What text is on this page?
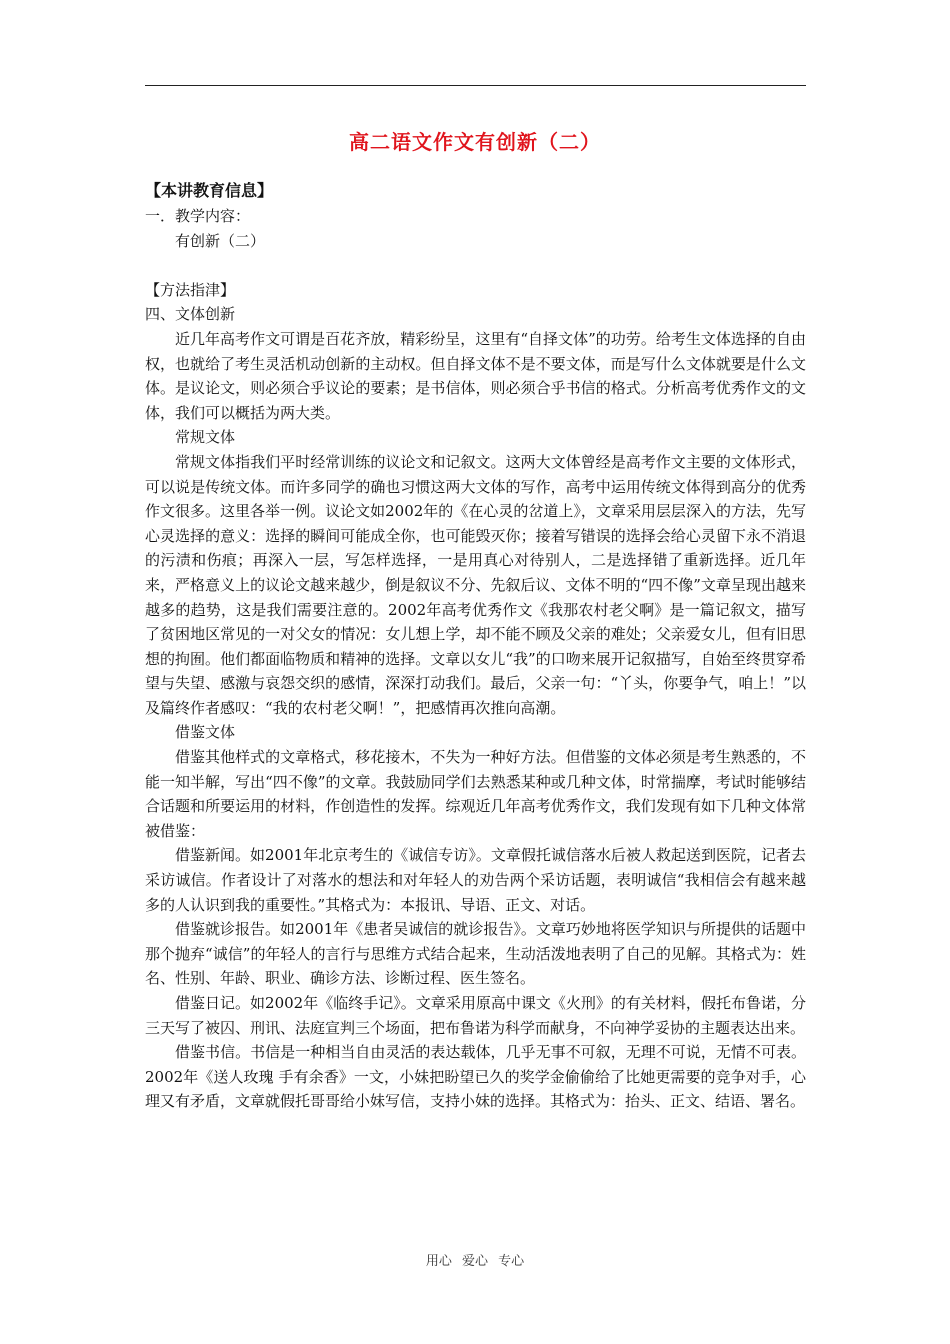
高二语文作文有创新（二）

【本讲教育信息】

一．教学内容：

有创新（二）

【方法指津】

四、文体创新

近几年高考作文可谓是百花齐放，精彩纷呈，这里有“自择文体”的功劳。给考生文体选择的自由权，也就给了考生灵活机动创新的主动权。但自择文体不是不要文体，而是写什么文体就要是什么文体。是议论文，则必须合乎议论的要素；是书信体，则必须合乎书信的格式。分析高考优秀作文的文体，我们可以概括为两大类。

常规文体

常规文体指我们平时经常训练的议论文和记叙文。这两大文体曾经是高考作文主要的文体形式，可以说是传统文体。而许多同学的确也习惯这两大文体的写作，高考中运用传统文体得到高分的优秀作文很多。这里各举一例。议论文如2002年的《在心灵的岔道上》，文章采用层层深入的方法，先写心灵选择的意义：选择的瞬间可能成全你，也可能毁灭你；接着写错误的选择会给心灵留下永不消退的污渍和伤痕；再深入一层，写怎样选择，一是用真心对待别人，二是选择错了重新选择。近几年来，严格意义上的议论文越来越少，倒是叙议不分、先叙后议、文体不明的“四不像”文章呈现出越来越多的趋势，这是我们需要注意的。2002年高考优秀作文《我那农村老父啊》是一篇记叙文，描写了贫困地区常见的一对父女的情况：女儿想上学，却不能不顾及父亲的难处；父亲爱女儿，但有旧思想的拘囿。他们都面临物质和精神的选择。文章以女儿“我”的口吻来展开记叙描写，自始至终贯穿希望与失望、感激与哀怨交织的感情，深深打动我们。最后，父亲一句：“丫头，你要争气，咱上！”以及篇终作者感叹：“我的农村老父啊！”，把感情再次推向高潮。

借鉴文体

借鉴其他样式的文章格式，移花接木，不失为一种好方法。但借鉴的文体必须是考生熟悉的，不能一知半解，写出“四不像”的文章。我鼓励同学们去熟悉某种或几种文体，时常揣摩，考试时能够结合话题和所要运用的材料，作创造性的发挥。综观近几年高考优秀作文，我们发现有如下几种文体常被借鉴：

借鉴新闻。如2001年北京考生的《诚信专访》。文章假托诚信落水后被人救起送到医院，记者去采访诚信。作者设计了对落水的想法和对年轻人的劝告两个采访话题，表明诚信“我相信会有越来越多的人认识到我的重要性。”其格式为：本报讯、导语、正文、对话。

借鉴就诊报告。如2001年《患者吴诚信的就诊报告》。文章巧妙地将医学知识与所提供的话题中那个抛弃“诚信”的年轻人的言行与思维方式结合起来，生动活泼地表明了自己的见解。其格式为：姓名、性别、年龄、职业、确诊方法、诊断过程、医生签名。

借鉴日记。如2002年《临终手记》。文章采用原高中课文《火刑》的有关材料，假托布鲁诺，分三天写了被囚、刑讯、法庭宣判三个场面，把布鲁诺为科学而献身，不向神学妥协的主题表达出来。

借鉴书信。书信是一种相当自由灵活的表达载体，几乎无事不可叙，无理不可说，无情不可表。2002年《送人玫瑰 手有余香》一文，小妹把盼望已久的奖学金偷偷给了比她更需要的竞争对手，心理又有矛盾，文章就假托哥哥给小妹写信，支持小妹的选择。其格式为：抬头、正文、结语、署名。

用心 爱心 专心
